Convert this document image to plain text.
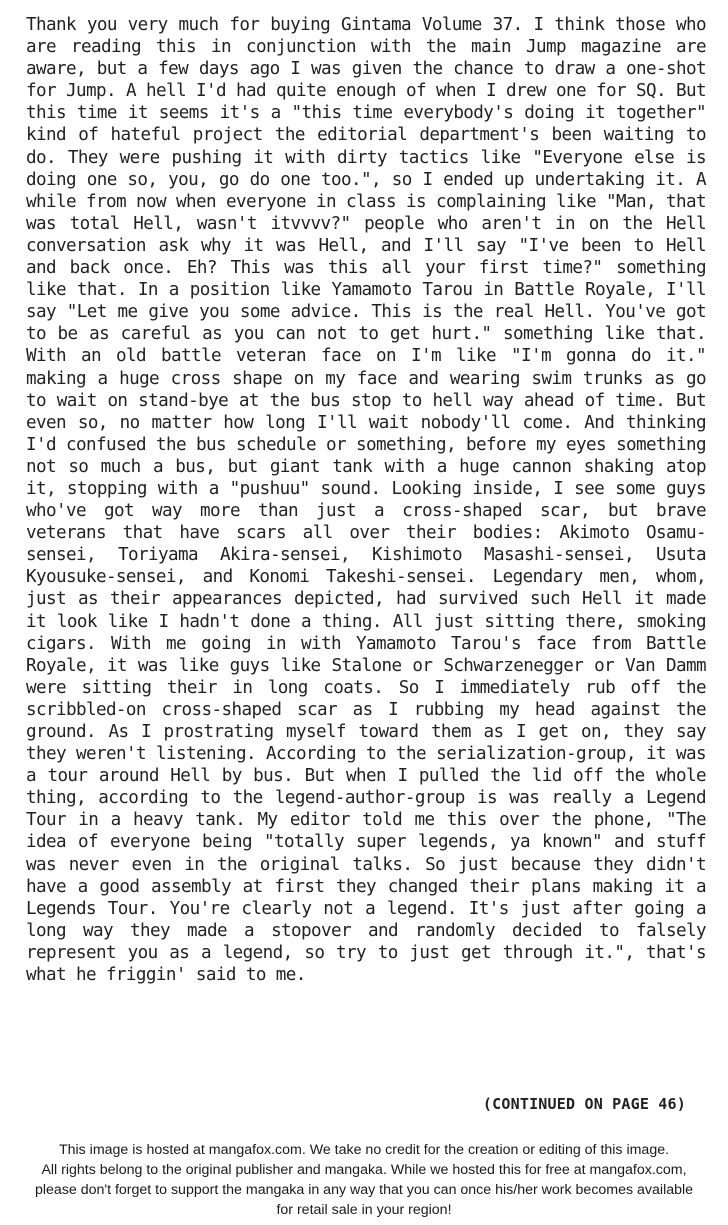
Thank you very much for buying Gintama Volume 37. I think those who are reading this in conjunction with the main Jump magazine are aware, but a few days ago I was given the chance to draw a one-shot for Jump. A hell I'd had quite enough of when I drew one for SQ. But this time it seems it's a "this time everybody's doing it together" kind of hateful project the editorial department's been waiting to do. They were pushing it with dirty tactics like "Everyone else is doing one so, you, go do one too.", so I ended up undertaking it. A while from now when everyone in class is complaining like "Man, that was total Hell, wasn't itvvvv?" people who aren't in on the Hell conversation ask why it was Hell, and I'll say "I've been to Hell and back once. Eh? This was this all your first time?" something like that. In a position like Yamamoto Tarou in Battle Royale, I'll say "Let me give you some advice. This is the real Hell. You've got to be as careful as you can not to get hurt." something like that. With an old battle veteran face on I'm like "I'm gonna do it." making a huge cross shape on my face and wearing swim trunks as go to wait on stand-bye at the bus stop to hell way ahead of time. But even so, no matter how long I'll wait nobody'll come. And thinking I'd confused the bus schedule or something, before my eyes something not so much a bus, but giant tank with a huge cannon shaking atop it, stopping with a "pushuu" sound. Looking inside, I see some guys who've got way more than just a cross-shaped scar, but brave veterans that have scars all over their bodies: Akimoto Osamu-sensei, Toriyama Akira-sensei, Kishimoto Masashi-sensei, Usuta Kyousuke-sensei, and Konomi Takeshi-sensei. Legendary men, whom, just as their appearances depicted, had survived such Hell it made it look like I hadn't done a thing. All just sitting there, smoking cigars. With me going in with Yamamoto Tarou's face from Battle Royale, it was like guys like Stalone or Schwarzenegger or Van Damm were sitting their in long coats. So I immediately rub off the scribbled-on cross-shaped scar as I rubbing my head against the ground. As I prostrating myself toward them as I get on, they say they weren't listening. According to the serialization-group, it was a tour around Hell by bus. But when I pulled the lid off the whole thing, according to the legend-author-group is was really a Legend Tour in a heavy tank. My editor told me this over the phone, "The idea of everyone being "totally super legends, ya known" and stuff was never even in the original talks. So just because they didn't have a good assembly at first they changed their plans making it a Legends Tour. You're clearly not a legend. It's just after going a long way they made a stopover and randomly decided to falsely represent you as a legend, so try to just get through it.", that's what he friggin' said to me.

(CONTINUED ON PAGE 46)

This image is hosted at mangafox.com. We take no credit for the creation or editing of this image.
All rights belong to the original publisher and mangaka. While we hosted this for free at mangafox.com,
please don't forget to support the mangaka in any way that you can once his/her work becomes available
for retail sale in your region!
